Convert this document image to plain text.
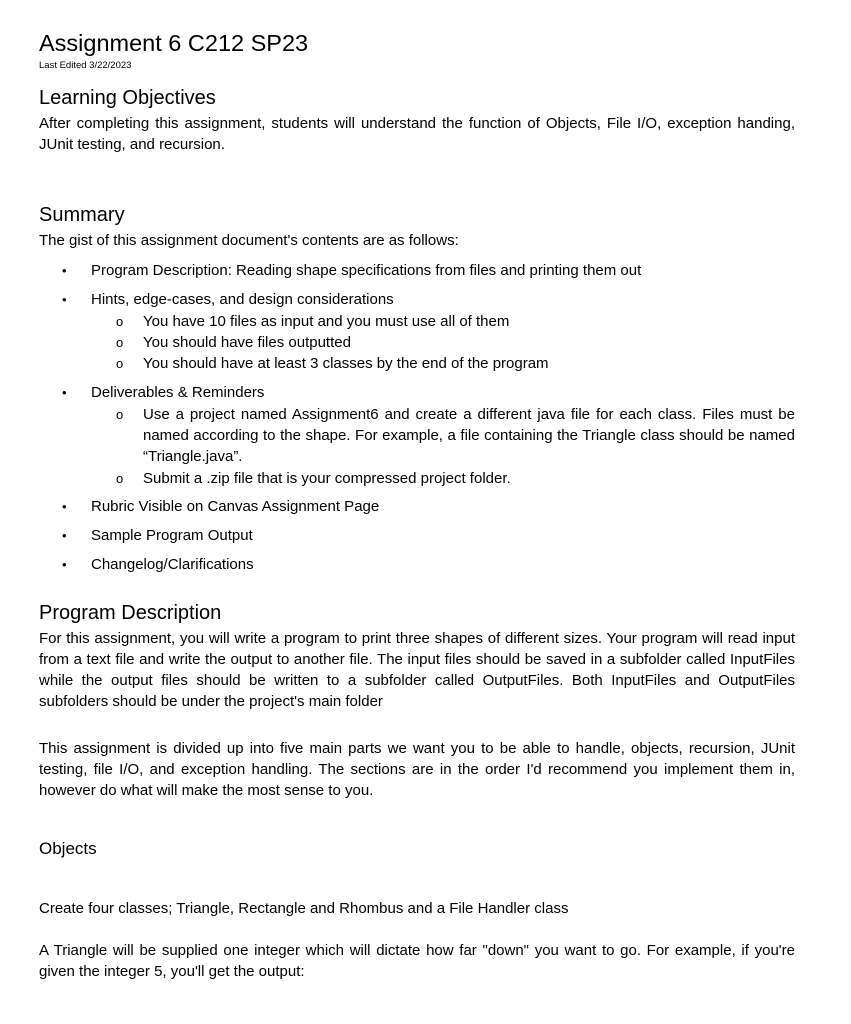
Assignment 6 C212 SP23
Last Edited 3/22/2023
Learning Objectives
After completing this assignment, students will understand the function of Objects, File I/O, exception handing, JUnit testing, and recursion.
Summary
The gist of this assignment document's contents are as follows:
• Program Description: Reading shape specifications from files and printing them out
• Hints, edge-cases, and design considerations
o You have 10 files as input and you must use all of them
o You should have files outputted
o You should have at least 3 classes by the end of the program
• Deliverables & Reminders
o Use a project named Assignment6 and create a different java file for each class. Files must be named according to the shape. For example, a file containing the Triangle class should be named “Triangle.java”.
o Submit a .zip file that is your compressed project folder.
• Rubric Visible on Canvas Assignment Page
• Sample Program Output
• Changelog/Clarifications
Program Description
For this assignment, you will write a program to print three shapes of different sizes. Your program will read input from a text file and write the output to another file. The input files should be saved in a subfolder called InputFiles while the output files should be written to a subfolder called OutputFiles. Both InputFiles and OutputFiles subfolders should be under the project's main folder
This assignment is divided up into five main parts we want you to be able to handle, objects, recursion, JUnit testing, file I/O, and exception handling. The sections are in the order I'd recommend you implement them in, however do what will make the most sense to you.
Objects
Create four classes; Triangle, Rectangle and Rhombus and a File Handler class
A Triangle will be supplied one integer which will dictate how far "down" you want to go. For example, if you're given the integer 5, you'll get the output:
